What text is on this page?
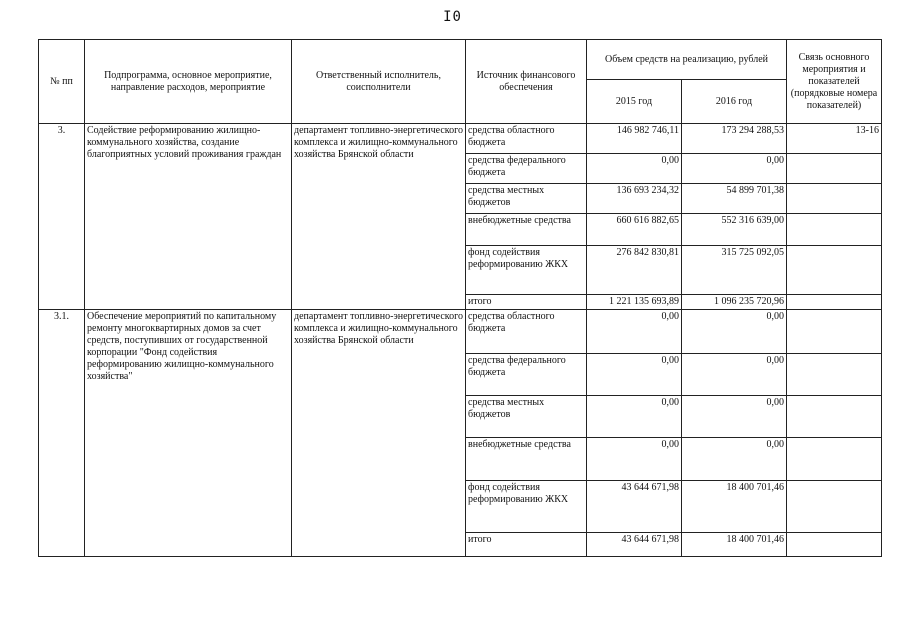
I0
№ пп	Подпрограмма, основное мероприятие, направление расходов, мероприятие	Ответственный исполнитель, соисполнители	Источник финансового обеспечения	Объем средств на реализацию, рублей		Связь основного мероприятия и показателей (порядковые номера показателей)
				2015 год	2016 год	
3.	Содействие реформированию жилищно-коммунального хозяйства, создание благоприятных условий проживания граждан	департамент топливно-энергетического комплекса и жилищно-коммунального хозяйства Брянской области	средства областного бюджета	146 982 746,11	173 294 288,53	13-16
			средства федерального бюджета	0,00	0,00	
			средства местных бюджетов	136 693 234,32	54 899 701,38	
			внебюджетные средства	660 616 882,65	552 316 639,00	
			фонд содействия реформированию ЖКХ	276 842 830,81	315 725 092,05	
			итого	1 221 135 693,89	1 096 235 720,96	
3.1.	Обеспечение мероприятий по капитальному ремонту многоквартирных домов за счет средств, поступивших от государственной корпорации "Фонд содействия реформированию жилищно-коммунального хозяйства"	департамент топливно-энергетического комплекса и жилищно-коммунального хозяйства Брянской области	средства областного бюджета	0,00	0,00	
			средства федерального бюджета	0,00	0,00	
			средства местных бюджетов	0,00	0,00	
			внебюджетные средства	0,00	0,00	
			фонд содействия реформированию ЖКХ	43 644 671,98	18 400 701,46	
			итого	43 644 671,98	18 400 701,46	
